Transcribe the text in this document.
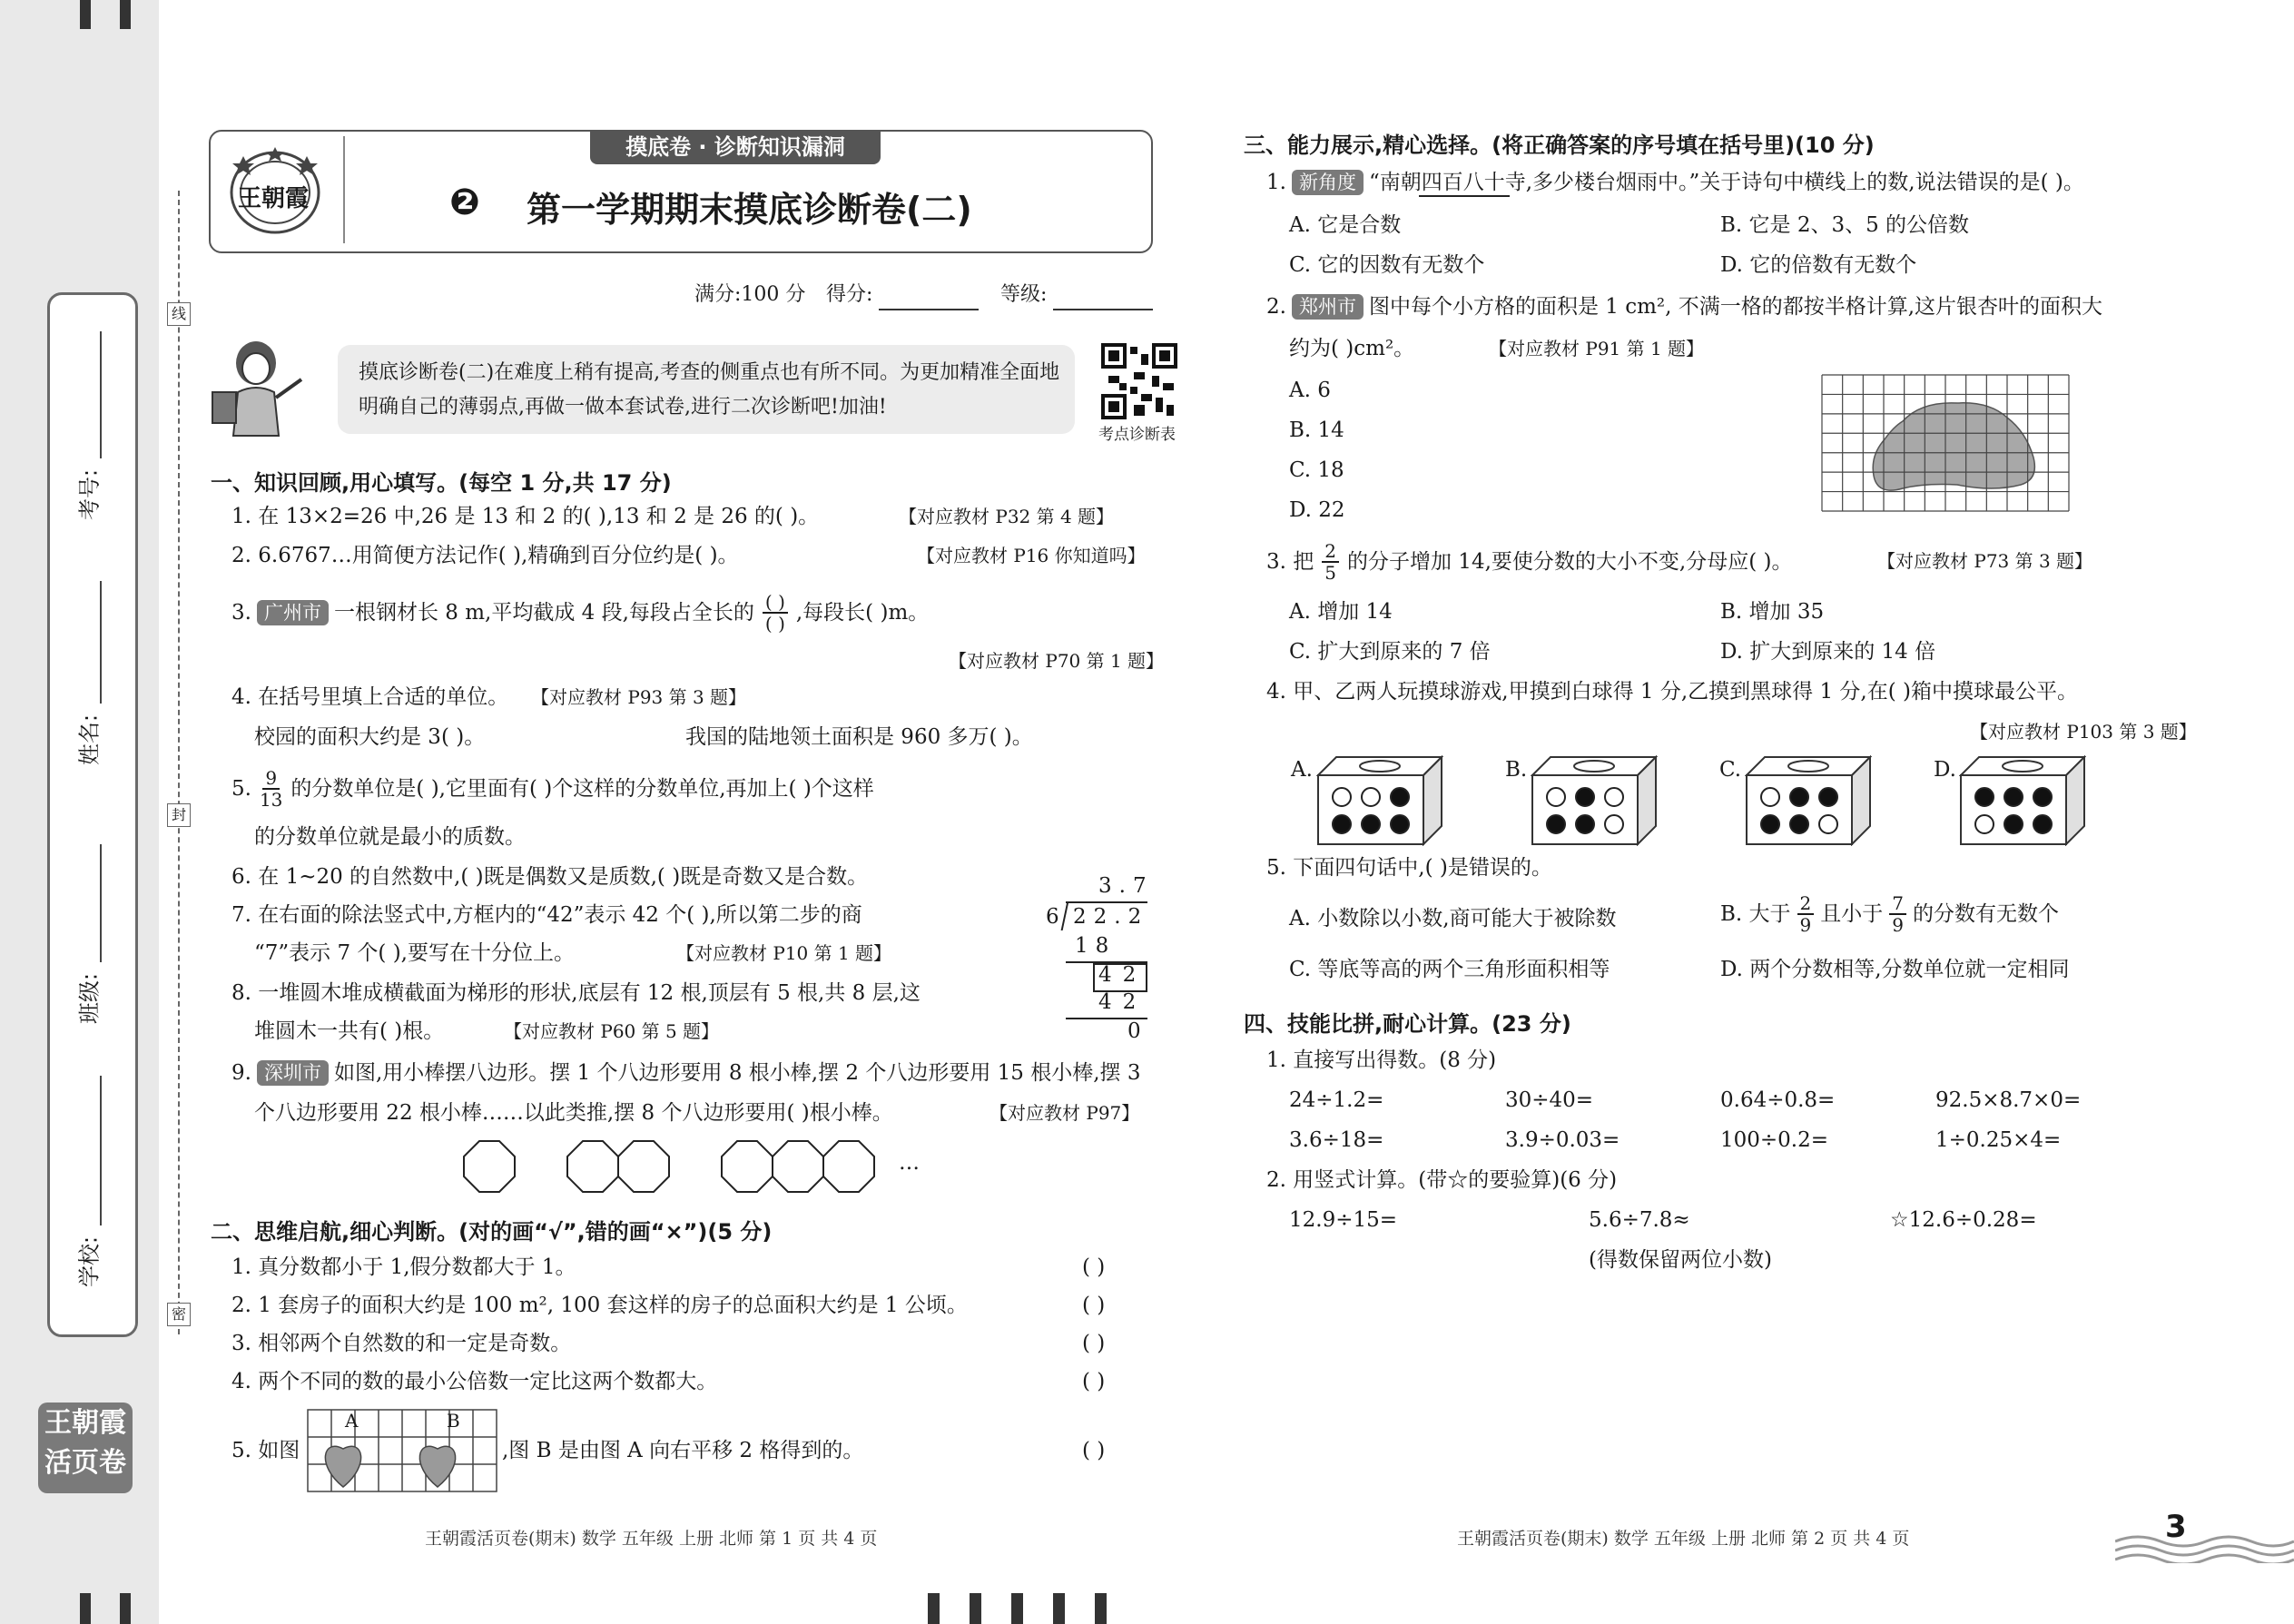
考号:
姓名:
班级:
学校:
王朝霞
活页卷
线
封
密
王朝霞
摸底卷 · 诊断知识漏洞
❷ 第一学期期末摸底诊断卷(二)
满分:100 分 得分:	等级:
摸底诊断卷(二)在难度上稍有提高,考查的侧重点也有所不同。为更加精准全面地明确自己的薄弱点,再做一做本套试卷,进行二次诊断吧!加油!
考点诊断表
一、知识回顾,用心填写。(每空 1 分,共 17 分)
1. 在 13×2=26 中,26 是 13 和 2 的( ),13 和 2 是 26 的( )。	【对应教材 P32 第 4 题】
2. 6.6767…用简便方法记作( ),精确到百分位约是( )。	【对应教材 P16 你知道吗】
3. 广州市 一根钢材长 8 m,平均截成 4 段,每段占全长的 $\frac{( )}{( )}$ ,每段长( )m。
【对应教材 P70 第 1 题】
4. 在括号里填上合适的单位。 【对应教材 P93 第 3 题】
校园的面积大约是 3( )。	我国的陆地领土面积是 960 多万( )。
5. $\frac{9}{13}$ 的分数单位是( ),它里面有( )个这样的分数单位,再加上( )个这样
的分数单位就是最小的质数。
6. 在 1~20 的自然数中,( )既是偶数又是质数,( )既是奇数又是合数。
7. 在右面的除法竖式中,方框内的“42”表示 42 个( ),所以第二步的商
“7”表示 7 个( ),要写在十分位上。	【对应教材 P10 第 1 题】
8. 一堆圆木堆成横截面为梯形的形状,底层有 12 根,顶层有 5 根,共 8 层,这
堆圆木一共有( )根。	【对应教材 P60 第 5 题】
3.7
6 22.2
18
42
42
0
9. 深圳市 如图,用小棒摆八边形。摆 1 个八边形要用 8 根小棒,摆 2 个八边形要用 15 根小棒,摆 3
个八边形要用 22 根小棒……以此类推,摆 8 个八边形要用( )根小棒。	【对应教材 P97】
…
二、思维启航,细心判断。(对的画“√”,错的画“×”)(5 分)
1. 真分数都小于 1,假分数都大于 1。	( )
2. 1 套房子的面积大约是 100 m², 100 套这样的房子的总面积大约是 1 公顷。	( )
3. 相邻两个自然数的和一定是奇数。	( )
4. 两个不同的数的最小公倍数一定比这两个数都大。	( )
5. 如图
A	B
,图 B 是由图 A 向右平移 2 格得到的。	( )
三、能力展示,精心选择。(将正确答案的序号填在括号里)(10 分)
1. 新角度 “南朝四百八十寺,多少楼台烟雨中。”关于诗句中横线上的数,说法错误的是( )。
A. 它是合数	B. 它是 2、3、5 的公倍数
C. 它的因数有无数个	D. 它的倍数有无数个
2. 郑州市 图中每个小方格的面积是 1 cm², 不满一格的都按半格计算,这片银杏叶的面积大
约为( )cm²。	【对应教材 P91 第 1 题】
A. 6
B. 14
C. 18
D. 22
3. 把 $\frac{2}{5}$ 的分子增加 14,要使分数的大小不变,分母应( )。	【对应教材 P73 第 3 题】
A. 增加 14	B. 增加 35
C. 扩大到原来的 7 倍	D. 扩大到原来的 14 倍
4. 甲、乙两人玩摸球游戏,甲摸到白球得 1 分,乙摸到黑球得 1 分,在( )箱中摸球最公平。
【对应教材 P103 第 3 题】
A.	B.	C.	D.
5. 下面四句话中,( )是错误的。
A. 小数除以小数,商可能大于被除数	B. 大于 $\frac{2}{9}$ 且小于 $\frac{7}{9}$ 的分数有无数个
C. 等底等高的两个三角形面积相等	D. 两个分数相等,分数单位就一定相同
四、技能比拼,耐心计算。(23 分)
1. 直接写出得数。(8 分)
24÷1.2=	30÷40=	0.64÷0.8=	92.5×8.7×0=
3.6÷18=	3.9÷0.03=	100÷0.2=	1÷0.25×4=
2. 用竖式计算。(带☆的要验算)(6 分)
12.9÷15=	5.6÷7.8≈	☆12.6÷0.28=
(得数保留两位小数)
王朝霞活页卷(期末) 数学 五年级 上册 北师 第 1 页 共 4 页	王朝霞活页卷(期末) 数学 五年级 上册 北师 第 2 页 共 4 页	3
